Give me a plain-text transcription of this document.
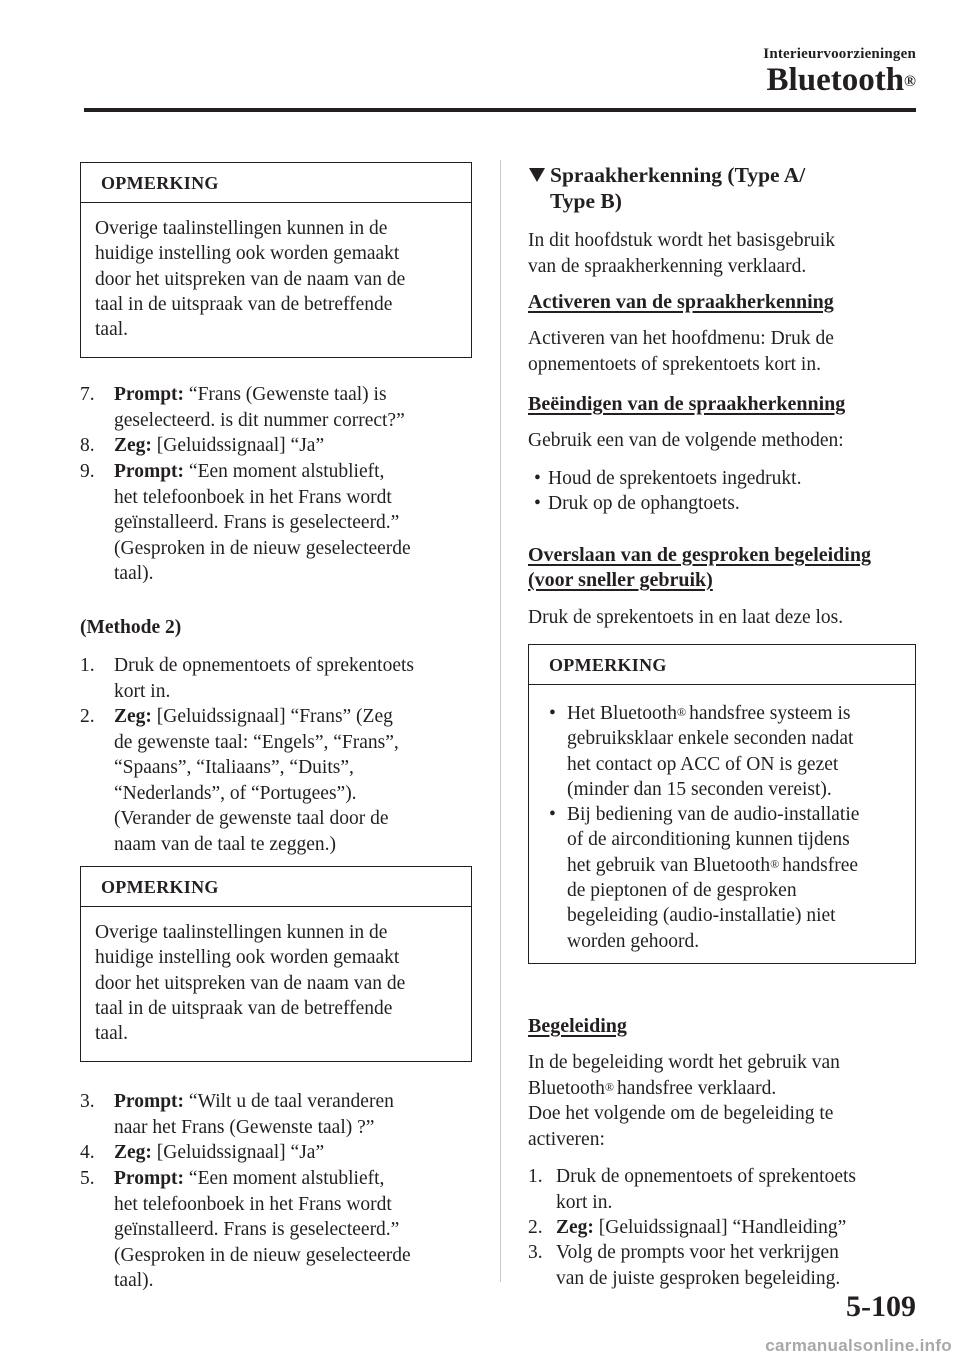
Interieurvoorzieningen
Bluetooth®
OPMERKING
Overige taalinstellingen kunnen in de
huidige instelling ook worden gemaakt
door het uitspreken van de naam van de
taal in de uitspraak van de betreffende
taal.
7. Prompt: “Frans (Gewenste taal) is
geselecteerd. is dit nummer correct?”
8. Zeg: [Geluidssignaal] “Ja”
9. Prompt: “Een moment alstublieft,
het telefoonboek in het Frans wordt
geïnstalleerd. Frans is geselecteerd.”
(Gesproken in de nieuw geselecteerde
taal).
(Methode 2)
1. Druk de opnementoets of sprekentoets
kort in.
2. Zeg: [Geluidssignaal] “Frans” (Zeg
de gewenste taal: “Engels”, “Frans”,
“Spaans”, “Italiaans”, “Duits”,
“Nederlands”, of “Portugees”).
(Verander de gewenste taal door de
naam van de taal te zeggen.)
OPMERKING
Overige taalinstellingen kunnen in de
huidige instelling ook worden gemaakt
door het uitspreken van de naam van de
taal in de uitspraak van de betreffende
taal.
3. Prompt: “Wilt u de taal veranderen
naar het Frans (Gewenste taal) ?”
4. Zeg: [Geluidssignaal] “Ja”
5. Prompt: “Een moment alstublieft,
het telefoonboek in het Frans wordt
geïnstalleerd. Frans is geselecteerd.”
(Gesproken in de nieuw geselecteerde
taal).
Spraakherkenning (Type A/
Type B)
In dit hoofdstuk wordt het basisgebruik
van de spraakherkenning verklaard.
Activeren van de spraakherkenning
Activeren van het hoofdmenu: Druk de
opnementoets of sprekentoets kort in.
Beëindigen van de spraakherkenning
Gebruik een van de volgende methoden:
• Houd de sprekentoets ingedrukt.
• Druk op de ophangtoets.
Overslaan van de gesproken begeleiding
(voor sneller gebruik)
Druk de sprekentoets in en laat deze los.
OPMERKING
• Het Bluetooth® handsfree systeem is
gebruiksklaar enkele seconden nadat
het contact op ACC of ON is gezet
(minder dan 15 seconden vereist).
• Bij bediening van de audio-installatie
of de airconditioning kunnen tijdens
het gebruik van Bluetooth® handsfree
de pieptonen of de gesproken
begeleiding (audio-installatie) niet
worden gehoord.
Begeleiding
In de begeleiding wordt het gebruik van
Bluetooth® handsfree verklaard.
Doe het volgende om de begeleiding te
activeren:
1. Druk de opnementoets of sprekentoets
kort in.
2. Zeg: [Geluidssignaal] “Handleiding”
3. Volg de prompts voor het verkrijgen
van de juiste gesproken begeleiding.
5-109
carmanualsonline.info
